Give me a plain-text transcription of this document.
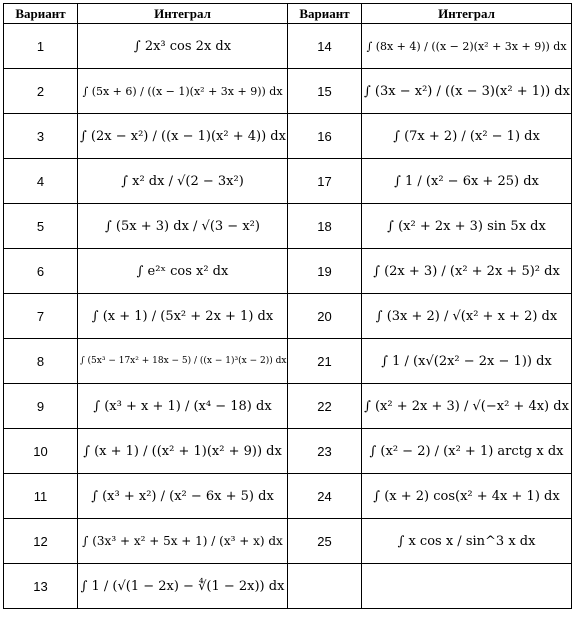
Вариант	Интеграл	Вариант	Интеграл
1	∫ 2x³ cos 2x dx	14	∫ (8x + 4) / ((x − 2)(x² + 3x + 9)) dx
2	∫ (5x + 6) / ((x − 1)(x² + 3x + 9)) dx	15	∫ (3x − x²) / ((x − 3)(x² + 1)) dx
3	∫ (2x − x²) / ((x − 1)(x² + 4)) dx	16	∫ (7x + 2) / (x² − 1) dx
4	∫ x² dx / √(2 − 3x²)	17	∫ 1 / (x² − 6x + 25) dx
5	∫ (5x + 3) dx / √(3 − x²)	18	∫ (x² + 2x + 3) sin 5x dx
6	∫ e²ˣ cos x² dx	19	∫ (2x + 3) / (x² + 2x + 5)² dx
7	∫ (x + 1) / (5x² + 2x + 1) dx	20	∫ (3x + 2) / √(x² + x + 2) dx
8	∫ (5x³ − 17x² + 18x − 5) / ((x − 1)³(x − 2)) dx	21	∫ 1 / (x√(2x² − 2x − 1)) dx
9	∫ (x³ + x + 1) / (x⁴ − 18) dx	22	∫ (x² + 2x + 3) / √(−x² + 4x) dx
10	∫ (x + 1) / ((x² + 1)(x² + 9)) dx	23	∫ (x² − 2) / (x² + 1) arctg x dx
11	∫ (x³ + x²) / (x² − 6x + 5) dx	24	∫ (x + 2) cos(x² + 4x + 1) dx
12	∫ (3x³ + x² + 5x + 1) / (x³ + x) dx	25	∫ x cos x / sin^3 x dx
13	∫ 1 / (√(1 − 2x) − ∜(1 − 2x)) dx		
